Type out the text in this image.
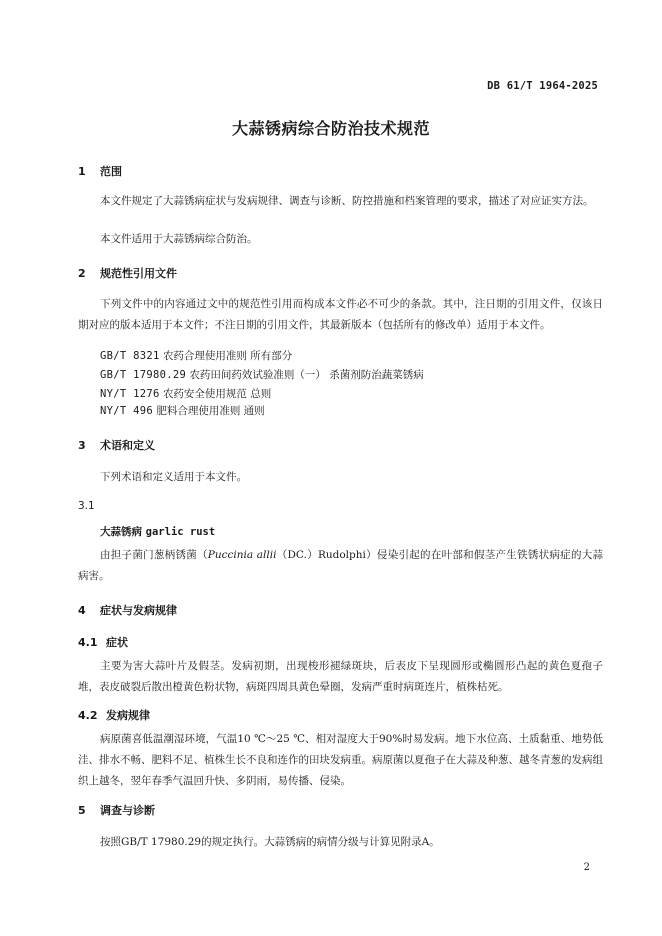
DB 61/T 1964-2025
大蒜锈病综合防治技术规范
1 范围
本文件规定了大蒜锈病症状与发病规律、调查与诊断、防控措施和档案管理的要求，描述了对应证实方法。
本文件适用于大蒜锈病综合防治。
2 规范性引用文件
下列文件中的内容通过文中的规范性引用而构成本文件必不可少的条款。其中，注日期的引用文件，仅该日期对应的版本适用于本文件；不注日期的引用文件，其最新版本（包括所有的修改单）适用于本文件。
GB/T 8321 农药合理使用准则 所有部分
GB/T 17980.29 农药田间药效试验准则（一） 杀菌剂防治蔬菜锈病
NY/T 1276 农药安全使用规范 总则
NY/T 496 肥料合理使用准则 通则
3 术语和定义
下列术语和定义适用于本文件。
3.1
大蒜锈病 garlic rust
由担子菌门葱柄锈菌（Puccinia allii（DC.）Rudolphi）侵染引起的在叶部和假茎产生铁锈状病症的大蒜病害。
4 症状与发病规律
4.1 症状
主要为害大蒜叶片及假茎。发病初期，出现梭形褪绿斑块，后表皮下呈现圆形或椭圆形凸起的黄色夏孢子堆，表皮破裂后散出橙黄色粉状物，病斑四周具黄色晕圈，发病严重时病斑连片，植株枯死。
4.2 发病规律
病原菌喜低温潮湿环境，气温10 ℃～25 ℃、相对湿度大于90%时易发病。地下水位高、土质黏重、地势低洼、排水不畅、肥料不足、植株生长不良和连作的田块发病重。病原菌以夏孢子在大蒜及种葱、越冬青葱的发病组织上越冬，翌年春季气温回升快、多阴雨，易传播、侵染。
5 调查与诊断
按照GB/T 17980.29的规定执行。大蒜锈病的病情分级与计算见附录A。
2
